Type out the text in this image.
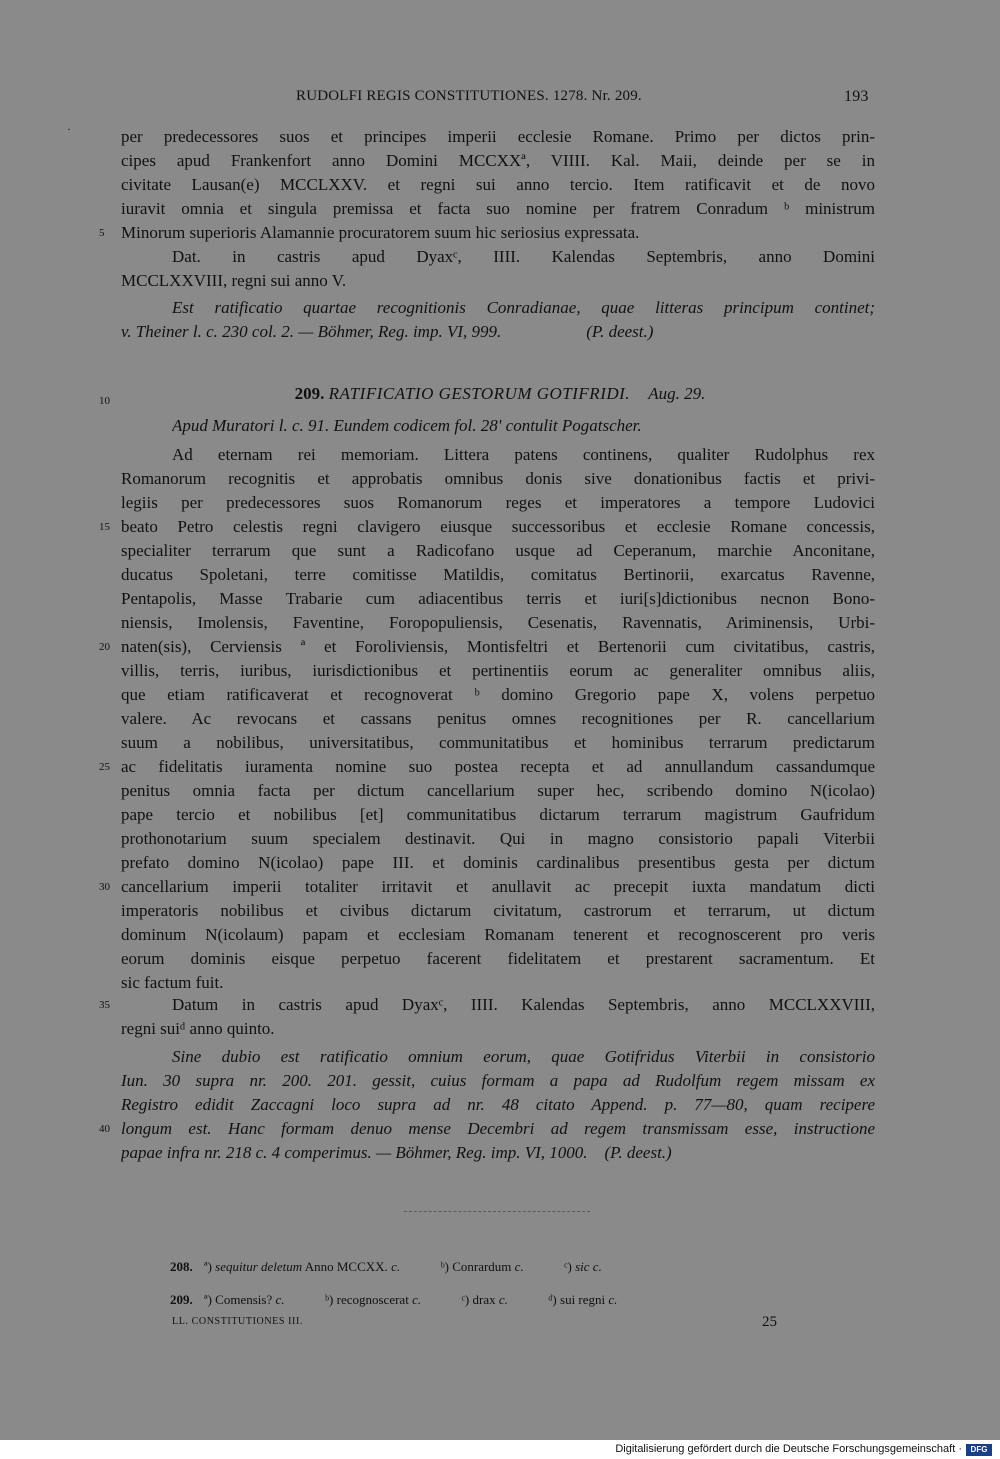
·
RUDOLFI REGIS CONSTITUTIONES. 1278. Nr. 209.	193
per predecessores suos et principes imperii ecclesie Romane. Primo per dictos prin-
cipes apud Frankenfort anno Domini MCCXXª, VIIII. Kal. Maii, deinde per se in
civitate Lausan(e) MCCLXXV. et regni sui anno tercio. Item ratificavit et de novo
iuravit omnia et singula premissa et facta suo nomine per fratrem Conradum ᵇ ministrum
Minorum superioris Alamannie procuratorem suum hic seriosius expressata.
Dat. in castris apud Dyaxᶜ, IIII. Kalendas Septembris, anno Domini
MCCLXXVIII, regni sui anno V.
Est ratificatio quartae recognitionis Conradianae, quae litteras principum continet;
v. Theiner l. c. 230 col. 2. — Böhmer, Reg. imp. VI, 999.                    (P. deest.)
209. RATIFICATIO GESTORUM GOTIFRIDI. Aug. 29.
Apud Muratori l. c. 91. Eundem codicem fol. 28' contulit Pogatscher.
Ad eternam rei memoriam. Littera patens continens, qualiter Rudolphus rex
Romanorum recognitis et approbatis omnibus donis sive donationibus factis et privi-
legiis per predecessores suos Romanorum reges et imperatores a tempore Ludovici
beato Petro celestis regni clavigero eiusque successoribus et ecclesie Romane concessis,
specialiter terrarum que sunt a Radicofano usque ad Ceperanum, marchie Anconitane,
ducatus Spoletani, terre comitisse Matildis, comitatus Bertinorii, exarcatus Ravenne,
Pentapolis, Masse Trabarie cum adiacentibus terris et iuri[s]dictionibus necnon Bono-
niensis, Imolensis, Faventine, Foropopuliensis, Cesenatis, Ravennatis, Ariminensis, Urbi-
naten(sis), Cerviensis ª et Foroliviensis, Montisfeltri et Bertenorii cum civitatibus, castris,
villis, terris, iuribus, iurisdictionibus et pertinentiis eorum ac generaliter omnibus aliis,
que etiam ratificaverat et recognoverat ᵇ domino Gregorio pape X, volens perpetuo
valere. Ac revocans et cassans penitus omnes recognitiones per R. cancellarium
suum a nobilibus, universitatibus, communitatibus et hominibus terrarum predictarum
ac fidelitatis iuramenta nomine suo postea recepta et ad annullandum cassandumque
penitus omnia facta per dictum cancellarium super hec, scribendo domino N(icolao)
pape tercio et nobilibus [et] communitatibus dictarum terrarum magistrum Gaufridum
prothonotarium suum specialem destinavit. Qui in magno consistorio papali Viterbii
prefato domino N(icolao) pape III. et dominis cardinalibus presentibus gesta per dictum
cancellarium imperii totaliter irritavit et anullavit ac precepit iuxta mandatum dicti
imperatoris nobilibus et civibus dictarum civitatum, castrorum et terrarum, ut dictum
dominum N(icolaum) papam et ecclesiam Romanam tenerent et recognoscerent pro veris
eorum dominis eisque perpetuo facerent fidelitatem et prestarent sacramentum. Et
sic factum fuit.
Datum in castris apud Dyaxᶜ, IIII. Kalendas Septembris, anno MCCLXXVIII,
regni suiᵈ anno quinto.
Sine dubio est ratificatio omnium eorum, quae Gotifridus Viterbii in consistorio
Iun. 30 supra nr. 200. 201. gessit, cuius formam a papa ad Rudolfum regem missam ex
Registro edidit Zaccagni loco supra ad nr. 48 citato Append. p. 77—80, quam recipere
longum est. Hanc formam denuo mense Decembri ad regem transmissam esse, instructione
papae infra nr. 218 c. 4 comperimus. — Böhmer, Reg. imp. VI, 1000.    (P. deest.)
5
10
15
20
25
30
35
40
208. ª) sequitur deletum Anno MCCXX. c.	ᵇ) Conrardum c.	ᶜ) sic c.
209. ª) Comensis? c.	ᵇ) recognoscerat c.	ᶜ) drax c.	ᵈ) sui regni c.
LL. CONSTITUTIONES III.	25
Digitalisierung gefördert durch die Deutsche Forschungsgemeinschaft ·	DFG
